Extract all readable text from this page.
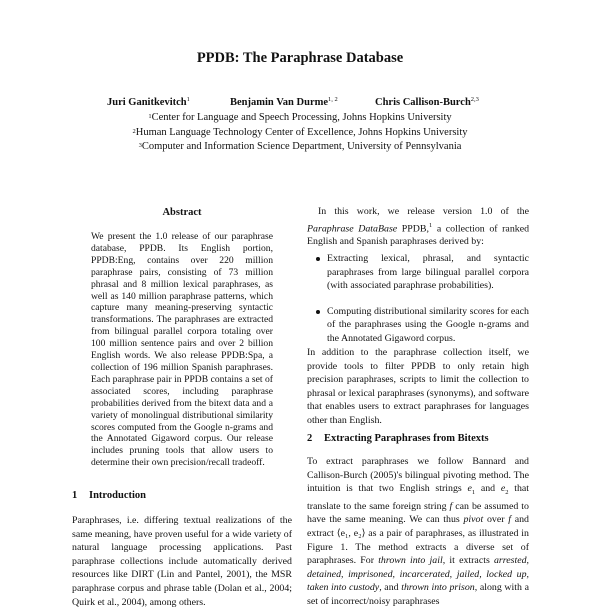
PPDB: The Paraphrase Database
Juri Ganitkevitch$^1$	Benjamin Van Durme$^{1, 2}$	Chris Callison-Burch$^{2,3}$
$^1$Center for Language and Speech Processing, Johns Hopkins University
$^2$Human Language Technology Center of Excellence, Johns Hopkins University
$^3$Computer and Information Science Department, University of Pennsylvania
Abstract
We present the 1.0 release of our paraphrase database, PPDB. Its English portion, PPDB:Eng, contains over 220 million paraphrase pairs, consisting of 73 million phrasal and 8 million lexical paraphrases, as well as 140 million paraphrase patterns, which capture many meaning-preserving syntactic transformations. The paraphrases are extracted from bilingual parallel corpora totaling over 100 million sentence pairs and over 2 billion English words. We also release PPDB:Spa, a collection of 196 million Spanish paraphrases. Each paraphrase pair in PPDB contains a set of associated scores, including paraphrase probabilities derived from the bitext data and a variety of monolingual distributional similarity scores computed from the Google n-grams and the Annotated Gigaword corpus. Our release includes pruning tools that allow users to determine their own precision/recall tradeoff.
1 Introduction

Paraphrases, i.e. differing textual realizations of the same meaning, have proven useful for a wide variety of natural language processing applications. Past paraphrase collections include automatically derived resources like DIRT (Lin and Pantel, 2001), the MSR paraphrase corpus and phrase table (Dolan et al., 2004; Quirk et al., 2004), among others.

In this work, we release version 1.0 of the Paraphrase DataBase PPDB,$^1$ a collection of ranked English and Spanish paraphrases derived by:

Extracting lexical, phrasal, and syntactic paraphrases from large bilingual parallel corpora (with associated paraphrase probabilities).
Computing distributional similarity scores for each of the paraphrases using the Google n-grams and the Annotated Gigaword corpus.

In addition to the paraphrase collection itself, we provide tools to filter PPDB to only retain high precision paraphrases, scripts to limit the collection to phrasal or lexical paraphrases (synonyms), and software that enables users to extract paraphrases for languages other than English.

2 Extracting Paraphrases from Bitexts

To extract paraphrases we follow Bannard and Callison-Burch (2005)'s bilingual pivoting method. The intuition is that two English strings $e_1$ and $e_2$ that translate to the same foreign string f can be assumed to have the same meaning. We can thus pivot over f and extract ⟨e₁, e₂⟩ as a pair of paraphrases, as illustrated in Figure 1. The method extracts a diverse set of paraphrases. For thrown into jail, it extracts arrested, detained, imprisoned, incarcerated, jailed, locked up, taken into custody, and thrown into prison, along with a set of incorrect/noisy paraphrases
